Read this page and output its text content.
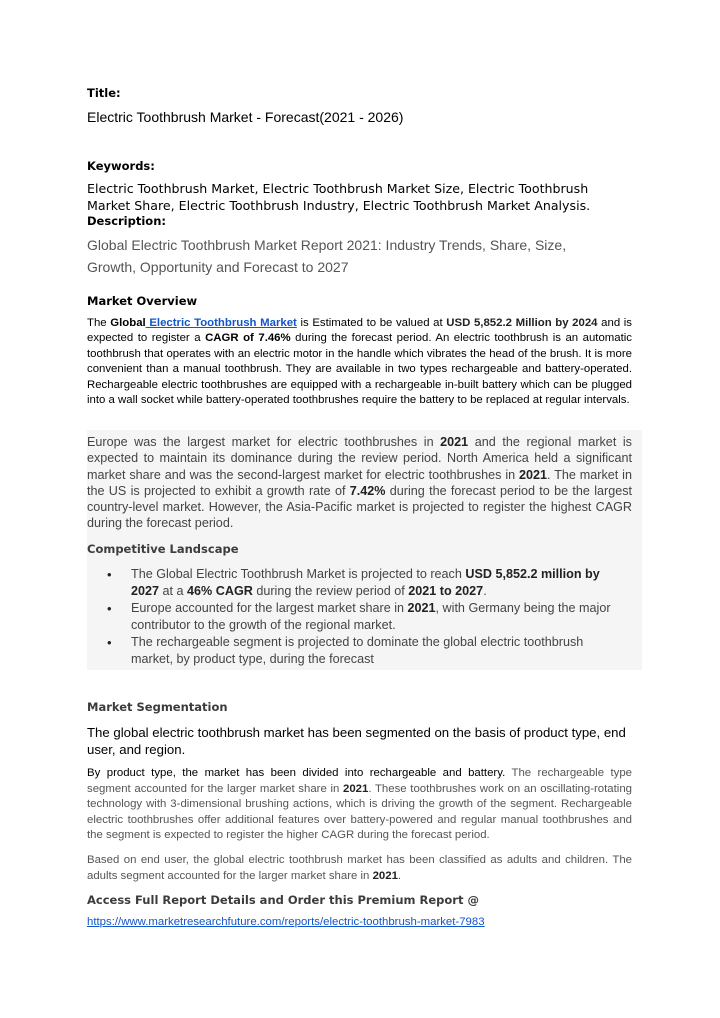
Title:
Electric Toothbrush Market - Forecast(2021 - 2026)
Keywords:
Electric Toothbrush Market, Electric Toothbrush Market Size, Electric Toothbrush Market Share, Electric Toothbrush Industry, Electric Toothbrush Market Analysis.
Description:
Global Electric Toothbrush Market Report 2021: Industry Trends, Share, Size, Growth, Opportunity and Forecast to 2027
Market Overview
The Global Electric Toothbrush Market is Estimated to be valued at USD 5,852.2 Million by 2024 and is expected to register a CAGR of 7.46% during the forecast period. An electric toothbrush is an automatic toothbrush that operates with an electric motor in the handle which vibrates the head of the brush. It is more convenient than a manual toothbrush. They are available in two types rechargeable and battery-operated. Rechargeable electric toothbrushes are equipped with a rechargeable in-built battery which can be plugged into a wall socket while battery-operated toothbrushes require the battery to be replaced at regular intervals.
Europe was the largest market for electric toothbrushes in 2021 and the regional market is expected to maintain its dominance during the review period. North America held a significant market share and was the second-largest market for electric toothbrushes in 2021. The market in the US is projected to exhibit a growth rate of 7.42% during the forecast period to be the largest country-level market. However, the Asia-Pacific market is projected to register the highest CAGR during the forecast period.
Competitive Landscape
• The Global Electric Toothbrush Market is projected to reach USD 5,852.2 million by 2027 at a 46% CAGR during the review period of 2021 to 2027.
• Europe accounted for the largest market share in 2021, with Germany being the major contributor to the growth of the regional market.
• The rechargeable segment is projected to dominate the global electric toothbrush market, by product type, during the forecast
Market Segmentation
The global electric toothbrush market has been segmented on the basis of product type, end user, and region.
By product type, the market has been divided into rechargeable and battery. The rechargeable type segment accounted for the larger market share in 2021. These toothbrushes work on an oscillating-rotating technology with 3-dimensional brushing actions, which is driving the growth of the segment. Rechargeable electric toothbrushes offer additional features over battery-powered and regular manual toothbrushes and the segment is expected to register the higher CAGR during the forecast period.
Based on end user, the global electric toothbrush market has been classified as adults and children. The adults segment accounted for the larger market share in 2021.
Access Full Report Details and Order this Premium Report @
https://www.marketresearchfuture.com/reports/electric-toothbrush-market-7983
